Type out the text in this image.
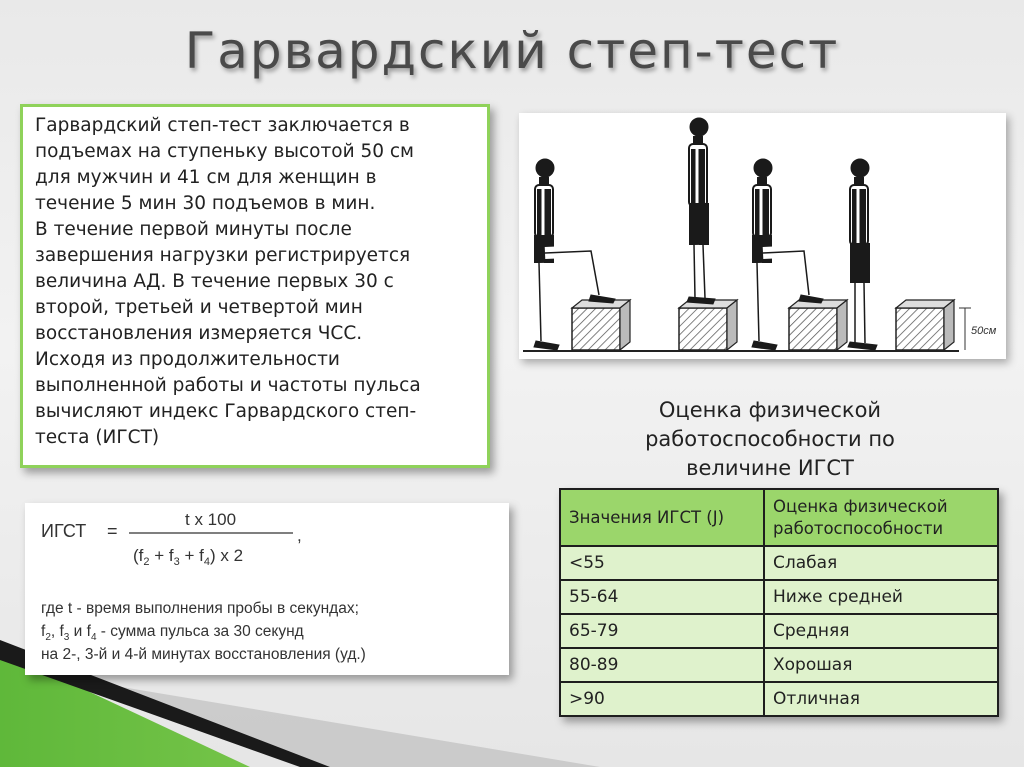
Гарвардский степ-тест
Гарвардский степ-тест заключается в
подъемах на ступеньку высотой 50 см
для мужчин и 41 см для женщин в
течение 5 мин 30 подъемов в мин.
В течение первой минуты после
завершения нагрузки регистрируется
величина АД. В течение первых 30 с
второй, третьей и четвертой мин
восстановления измеряется ЧСС.
Исходя из продолжительности
выполненной работы и частоты пульса
вычисляют индекс Гарвардского степ-
теста (ИГСТ)
50см
Оценка физической
работоспособности по
величине ИГСТ
Значения ИГСТ (J)	Оценка физической работоспособности
<55	Слабая
55-64	Ниже средней
65-79	Средняя
80-89	Хорошая
>90	Отличная
ИГСТ =
t x 100
$(f_2 + f_3 + f_4)$ x 2
,
где t - время выполнения пробы в секундах;
$f_2$, $f_3$ и $f_4$ - сумма пульса за 30 секунд
на 2-, 3-й и 4-й минутах восстановления (уд.)
